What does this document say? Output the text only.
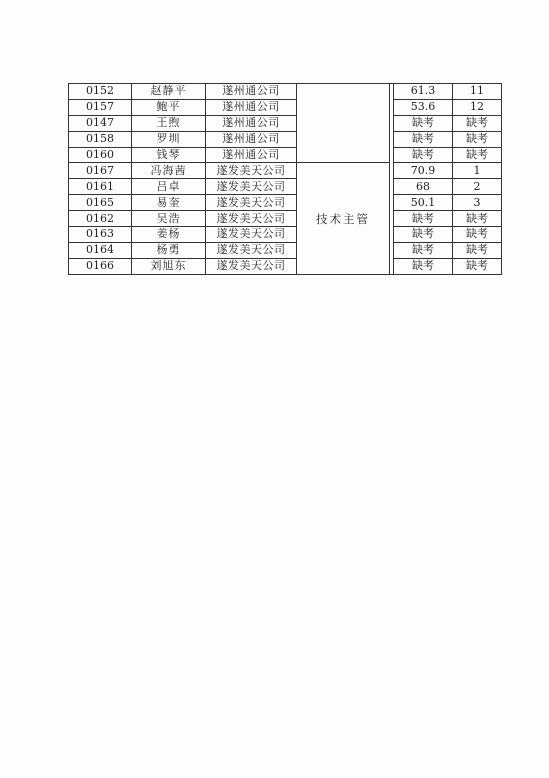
0152	赵静平	遂州通公司			61.3	11
0157	鲍平	遂州通公司			53.6	12
0147	王煦	遂州通公司			缺考	缺考
0158	罗圳	遂州通公司			缺考	缺考
0160	钱琴	遂州通公司			缺考	缺考
0167	冯海茜	遂发美天公司	技术主管		70.9	1
0161	吕卓	遂发美天公司			68	2
0165	易奎	遂发美天公司			50.1	3
0162	吴浩	遂发美天公司			缺考	缺考
0163	姜杨	遂发美天公司			缺考	缺考
0164	杨勇	遂发美天公司			缺考	缺考
0166	刘旭东	遂发美天公司			缺考	缺考
